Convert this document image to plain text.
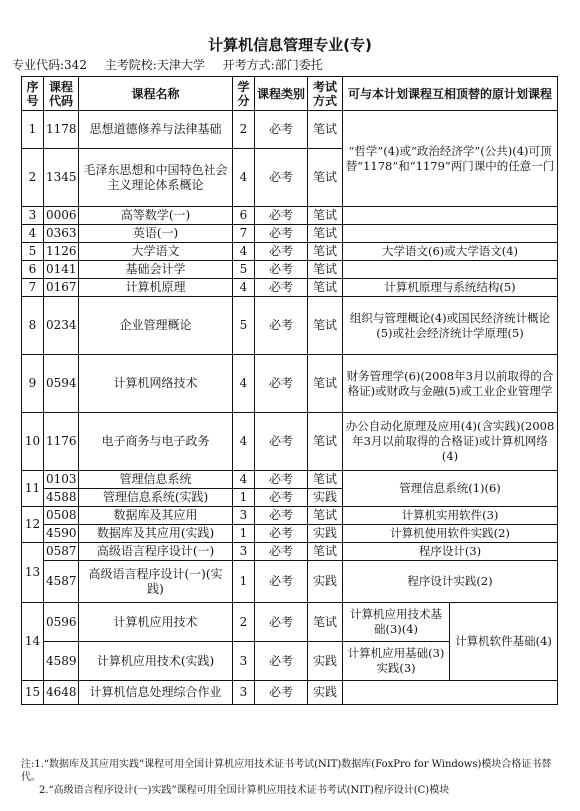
计算机信息管理专业(专)
专业代码:342 主考院校:天津大学 开考方式:部门委托
序号	课程代码	课程名称	学分	课程类别	考试方式	可与本计划课程互相顶替的原计划课程	
1	1178	思想道德修养与法律基础	2	必考	笔试	“哲学”(4)或“政治经济学”(公共)(4)可顶替“1178”和“1179”两门课中的任意一门	
2	1345	毛泽东思想和中国特色社会主义理论体系概论	4	必考	笔试		
3	0006	高等数学(一)	6	必考	笔试		
4	0363	英语(一)	7	必考	笔试		
5	1126	大学语文	4	必考	笔试	大学语文(6)或大学语文(4)	
6	0141	基础会计学	5	必考	笔试		
7	0167	计算机原理	4	必考	笔试	计算机原理与系统结构(5)	
8	0234	企业管理概论	5	必考	笔试	组织与管理概论(4)或国民经济统计概论(5)或社会经济统计学原理(5)	
9	0594	计算机网络技术	4	必考	笔试	财务管理学(6)(2008年3月以前取得的合格证)或财政与金融(5)或工业企业管理学	
10	1176	电子商务与电子政务	4	必考	笔试	办公自动化原理及应用(4)(含实践)(2008年3月以前取得的合格证)或计算机网络(4)	
11	0103	管理信息系统	4	必考	笔试	管理信息系统(1)(6)	
	4588	管理信息系统(实践)	1	必考	实践		
12	0508	数据库及其应用	3	必考	笔试	计算机实用软件(3)	
	4590	数据库及其应用(实践)	1	必考	实践	计算机使用软件实践(2)	
13	0587	高级语言程序设计(一)	3	必考	笔试	程序设计(3)	
	4587	高级语言程序设计(一)(实践)	1	必考	实践	程序设计实践(2)	
14	0596	计算机应用技术	2	必考	笔试	计算机应用技术基础(3)(4)	计算机软件基础(4)
	4589	计算机应用技术(实践)	3	必考	实践	计算机应用基础(3)实践(3)	
15	4648	计算机信息处理综合作业	3	必考	实践		

注:1.“数据库及其应用实践”课程可用全国计算机应用技术证书考试(NIT)数据库(FoxPro for Windows)模块合格证书替代。

2.“高级语言程序设计(一)实践”课程可用全国计算机应用技术证书考试(NIT)程序设计(C)模块
